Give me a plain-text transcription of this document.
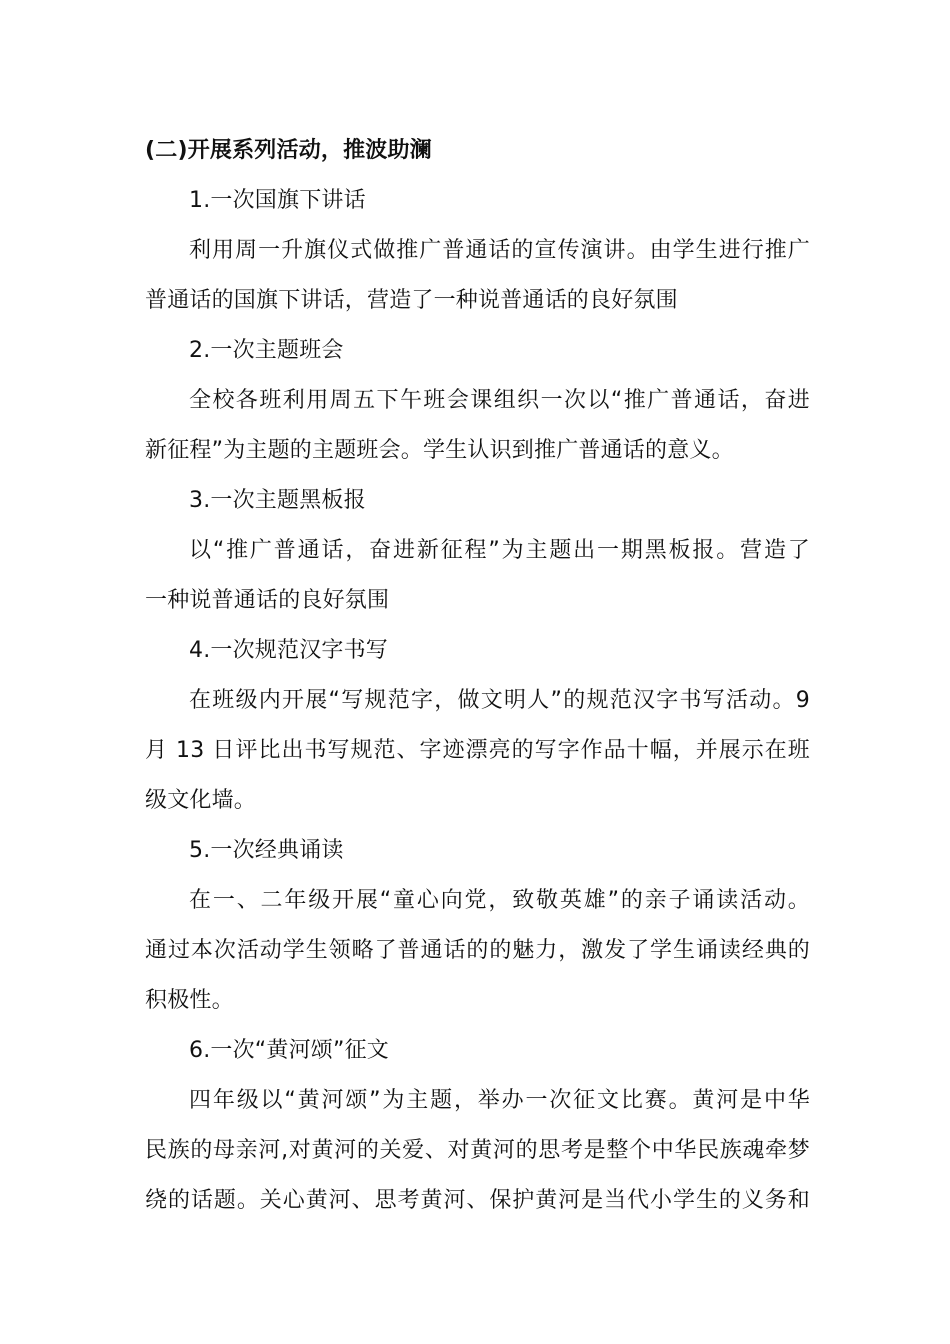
(二)开展系列活动，推波助澜
1.一次国旗下讲话
利用周一升旗仪式做推广普通话的宣传演讲。由学生进行推广
普通话的国旗下讲话，营造了一种说普通话的良好氛围
2.一次主题班会
全校各班利用周五下午班会课组织一次以“推广普通话，奋进
新征程”为主题的主题班会。学生认识到推广普通话的意义。
3.一次主题黑板报
以“推广普通话，奋进新征程”为主题出一期黑板报。营造了
一种说普通话的良好氛围
4.一次规范汉字书写
在班级内开展“写规范字，做文明人”的规范汉字书写活动。9
月 13 日评比出书写规范、字迹漂亮的写字作品十幅，并展示在班
级文化墙。
5.一次经典诵读
在一、二年级开展“童心向党，致敬英雄”的亲子诵读活动。
通过本次活动学生领略了普通话的的魅力，激发了学生诵读经典的
积极性。
6.一次“黄河颂”征文
四年级以“黄河颂”为主题，举办一次征文比赛。黄河是中华
民族的母亲河,对黄河的关爱、对黄河的思考是整个中华民族魂牵梦
绕的话题。关心黄河、思考黄河、保护黄河是当代小学生的义务和
